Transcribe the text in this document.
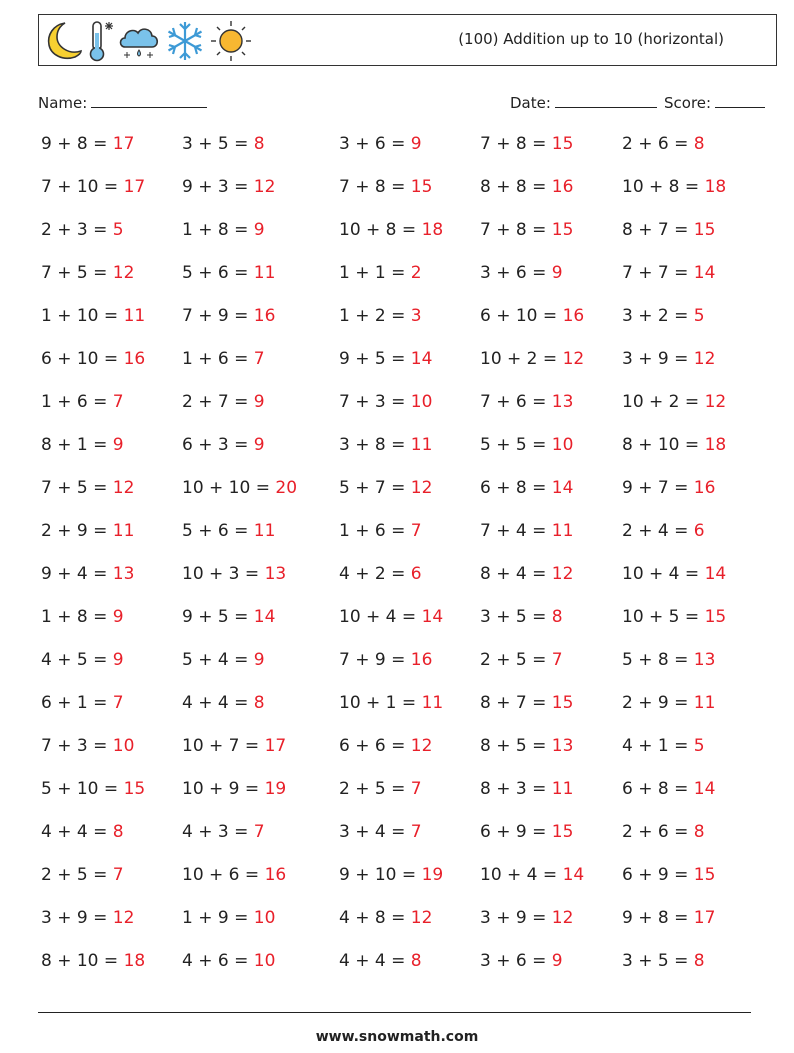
(100) Addition up to 10 (horizontal)
Name:	Date:	Score:
9 + 8 = 17	3 + 5 = 8	3 + 6 = 9	7 + 8 = 15	2 + 6 = 8
7 + 10 = 17 9 + 3 = 12	7 + 8 = 15	8 + 8 = 16	10 + 8 = 18
2 + 3 = 5	1 + 8 = 9	10 + 8 = 18 7 + 8 = 15	8 + 7 = 15
7 + 5 = 12	5 + 6 = 11	1 + 1 = 2	3 + 6 = 9	7 + 7 = 14
1 + 10 = 11 7 + 9 = 16	1 + 2 = 3	6 + 10 = 16 3 + 2 = 5
6 + 10 = 16 1 + 6 = 7	9 + 5 = 14	10 + 2 = 12 3 + 9 = 12
1 + 6 = 7	2 + 7 = 9	7 + 3 = 10	7 + 6 = 13	10 + 2 = 12
8 + 1 = 9	6 + 3 = 9	3 + 8 = 11	5 + 5 = 10	8 + 10 = 18
7 + 5 = 12	10 + 10 = 20 5 + 7 = 12	6 + 8 = 14	9 + 7 = 16
2 + 9 = 11	5 + 6 = 11	1 + 6 = 7	7 + 4 = 11	2 + 4 = 6
9 + 4 = 13	10 + 3 = 13	4 + 2 = 6	8 + 4 = 12	10 + 4 = 14
1 + 8 = 9	9 + 5 = 14	10 + 4 = 14 3 + 5 = 8	10 + 5 = 15
4 + 5 = 9	5 + 4 = 9	7 + 9 = 16	2 + 5 = 7	5 + 8 = 13
6 + 1 = 7	4 + 4 = 8	10 + 1 = 11 8 + 7 = 15	2 + 9 = 11
7 + 3 = 10	10 + 7 = 17	6 + 6 = 12	8 + 5 = 13	4 + 1 = 5
5 + 10 = 15 10 + 9 = 19	2 + 5 = 7	8 + 3 = 11	6 + 8 = 14
4 + 4 = 8	4 + 3 = 7	3 + 4 = 7	6 + 9 = 15	2 + 6 = 8
2 + 5 = 7	10 + 6 = 16	9 + 10 = 19 10 + 4 = 14 6 + 9 = 15
3 + 9 = 12	1 + 9 = 10	4 + 8 = 12	3 + 9 = 12	9 + 8 = 17
8 + 10 = 18 4 + 6 = 10	4 + 4 = 8	3 + 6 = 9	3 + 5 = 8
www.snowmath.com
